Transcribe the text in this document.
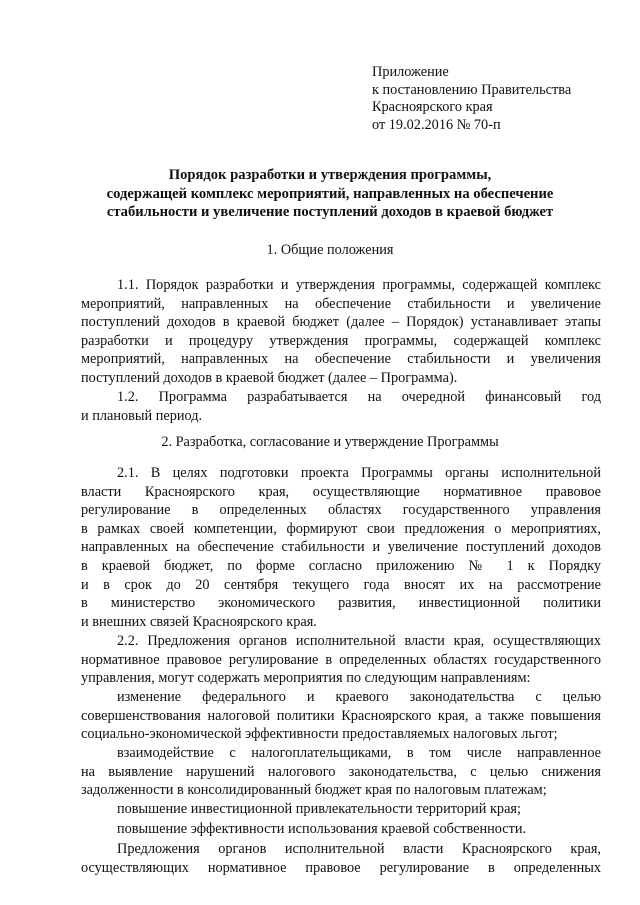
Приложение
к постановлению Правительства
Красноярского края
от 19.02.2016 № 70-п
Порядок разработки и утверждения программы,
содержащей комплекс мероприятий, направленных на обеспечение
стабильности и увеличение поступлений доходов в краевой бюджет
1. Общие положения
1.1. Порядок разработки и утверждения программы, содержащей комплекс
мероприятий, направленных на обеспечение стабильности и увеличение
поступлений доходов в краевой бюджет (далее – Порядок) устанавливает этапы
разработки и процедуру утверждения программы, содержащей комплекс
мероприятий, направленных на обеспечение стабильности и увеличения
поступлений доходов в краевой бюджет (далее – Программа).
1.2. Программа разрабатывается на очередной финансовый год
и плановый период.
2. Разработка, согласование и утверждение Программы
2.1. В целях подготовки проекта Программы органы исполнительной
власти Красноярского края, осуществляющие нормативное правовое
регулирование в определенных областях государственного управления
в рамках своей компетенции, формируют свои предложения о мероприятиях,
направленных на обеспечение стабильности и увеличение поступлений доходов
в краевой бюджет, по форме согласно приложению № 1 к Порядку
и в срок до 20 сентября текущего года вносят их на рассмотрение
в министерство экономического развития, инвестиционной политики
и внешних связей Красноярского края.
2.2. Предложения органов исполнительной власти края, осуществляющих
нормативное правовое регулирование в определенных областях государственного
управления, могут содержать мероприятия по следующим направлениям:
изменение федерального и краевого законодательства с целью
совершенствования налоговой политики Красноярского края, а также повышения
социально-экономической эффективности предоставляемых налоговых льгот;
взаимодействие с налогоплательщиками, в том числе направленное
на выявление нарушений налогового законодательства, с целью снижения
задолженности в консолидированный бюджет края по налоговым платежам;
повышение инвестиционной привлекательности территорий края;
повышение эффективности использования краевой собственности.
Предложения органов исполнительной власти Красноярского края,
осуществляющих нормативное правовое регулирование в определенных
